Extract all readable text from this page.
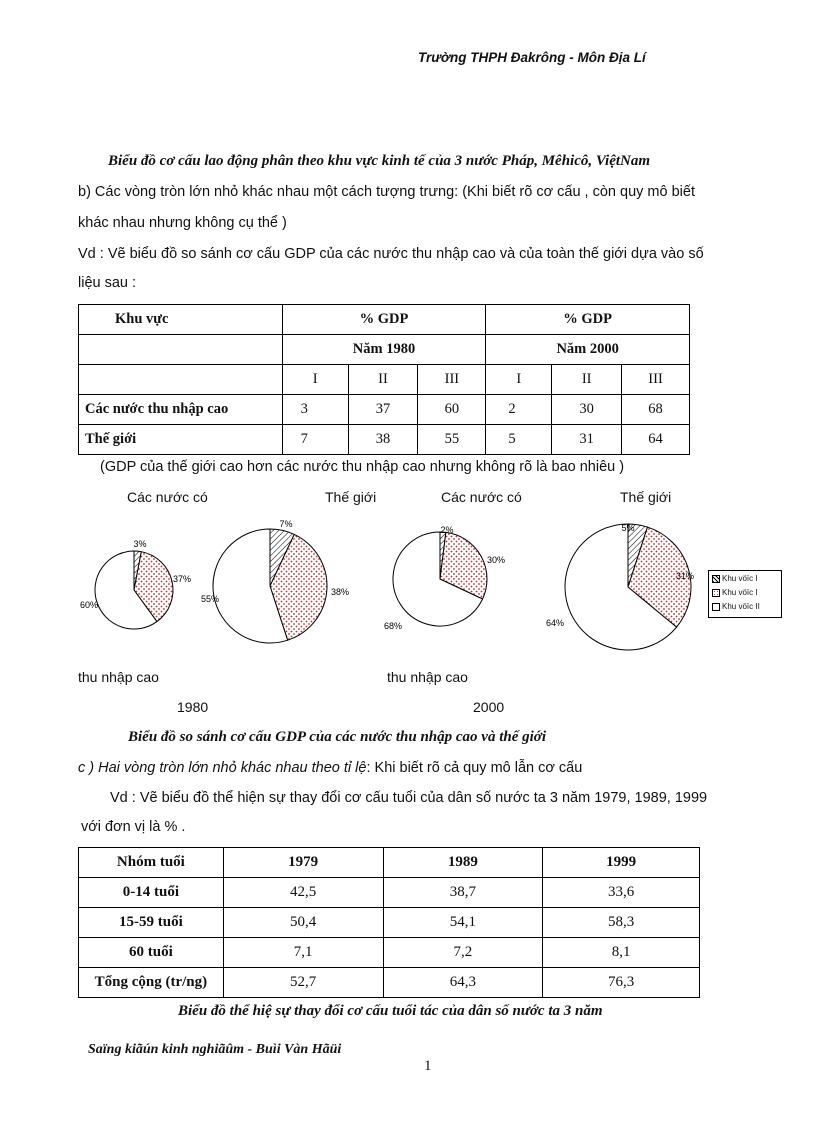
Trường THPH Đakrông - Môn Địa Lí
Biểu đồ cơ cấu lao động phân theo khu vực kinh tế của 3 nước Pháp, Mêhicô, ViệtNam
b) Các vòng tròn lớn nhỏ khác nhau một cách tượng trưng: (Khi biết rõ cơ cấu , còn quy mô biết
khác nhau nhưng không cụ thể )
Vd : Vẽ biểu đồ so sánh cơ cấu GDP của các nước thu nhập cao và của toàn thế giới dựa vào số
liệu sau :
Khu vực	% GDP			% GDP		
	Năm 1980			Năm 2000		
	I	II	III	I	II	III
Các nước thu nhập cao	3	37	60	2	30	68
Thế giới	7	38	55	5	31	64
(GDP của thế giới cao hơn các nước thu nhập cao nhưng không rõ là bao nhiêu )
Các nước có	Thế giới	Các nước có	Thế giới
3%
37%
60%
7%
38%
55%
2%
30%
68%
5%
31%
64%
Khu vöïc I
Khu vöïc I
Khu vöïc II
thu nhập cao	thu nhập cao
1980	2000
Biểu đồ so sánh cơ cấu GDP của các nước thu nhập cao và thế giới
c ) Hai vòng tròn lớn nhỏ khác nhau theo tỉ lệ: Khi biết rõ cả quy mô lẫn cơ cấu
Vd : Vẽ biểu đồ thể hiện sự thay đổi cơ cấu tuổi của dân số nước ta 3 năm 1979, 1989, 1999
với đơn vị là % .
Nhóm tuổi	1979	1989	1999
0-14 tuổi	42,5	38,7	33,6
15-59 tuổi	50,4	54,1	58,3
60 tuổi	7,1	7,2	8,1
Tổng cộng (tr/ng)	52,7	64,3	76,3
Biểu đồ thể hiệ sự thay đổi cơ cấu tuổi tác của dân số nước ta 3 năm
Saïng kiãún kinh nghiãûm - Buìi Vàn Hãüi
1
